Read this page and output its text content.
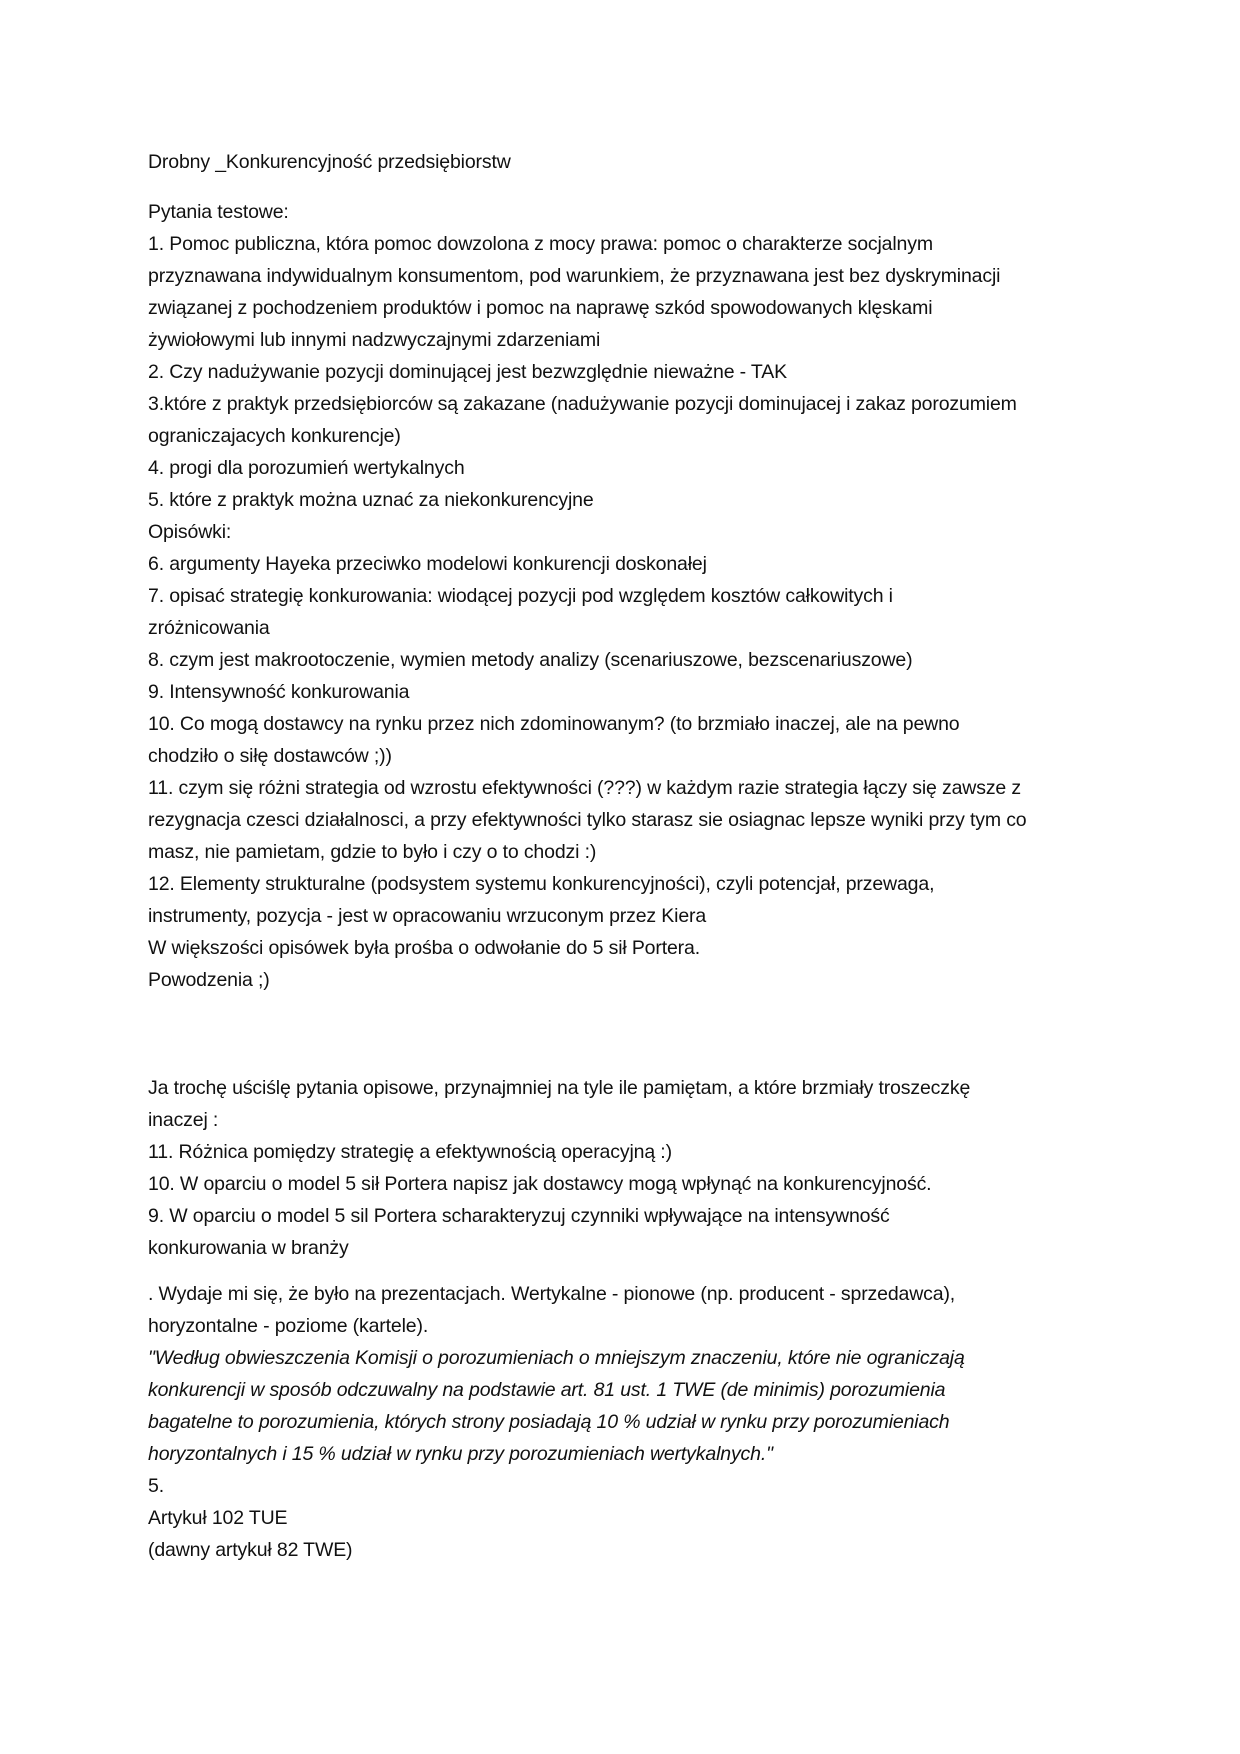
Drobny _Konkurencyjność przedsiębiorstw
Pytania testowe:
1. Pomoc publiczna, która pomoc dowzolona z mocy prawa: pomoc o charakterze socjalnym
przyznawana indywidualnym konsumentom, pod warunkiem, że przyznawana jest bez dyskryminacji
związanej z pochodzeniem produktów i pomoc na naprawę szkód spowodowanych klęskami
żywiołowymi lub innymi nadzwyczajnymi zdarzeniami
2. Czy nadużywanie pozycji dominującej jest bezwzględnie nieważne - TAK
3.które z praktyk przedsiębiorców są zakazane (nadużywanie pozycji dominujacej i zakaz porozumiem
ograniczajacych konkurencje)
4. progi dla porozumień wertykalnych
5. które z praktyk można uznać za niekonkurencyjne
Opisówki:
6. argumenty Hayeka przeciwko modelowi konkurencji doskonałej
7. opisać strategię konkurowania: wiodącej pozycji pod względem kosztów całkowitych i
zróżnicowania
8. czym jest makrootoczenie, wymien metody analizy (scenariuszowe, bezscenariuszowe)
9. Intensywność konkurowania
10. Co mogą dostawcy na rynku przez nich zdominowanym? (to brzmiało inaczej, ale na pewno
chodziło o siłę dostawców ;))
11. czym się różni strategia od wzrostu efektywności (???) w każdym razie strategia łączy się zawsze z
rezygnacja czesci działalnosci, a przy efektywności tylko starasz sie osiagnac lepsze wyniki przy tym co
masz, nie pamietam, gdzie to było i czy o to chodzi :)
12. Elementy strukturalne (podsystem systemu konkurencyjności), czyli potencjał, przewaga,
instrumenty, pozycja - jest w opracowaniu wrzuconym przez Kiera
W większości opisówek była prośba o odwołanie do 5 sił Portera.
Powodzenia ;)
Ja trochę uściślę pytania opisowe, przynajmniej na tyle ile pamiętam, a które brzmiały troszeczkę
inaczej :
11. Różnica pomiędzy strategię a efektywnością operacyjną :)
10. W oparciu o model 5 sił Portera napisz jak dostawcy mogą wpłynąć na konkurencyjność.
9. W oparciu o model 5 sil Portera scharakteryzuj czynniki wpływające na intensywność
konkurowania w branży
. Wydaje mi się, że było na prezentacjach. Wertykalne - pionowe (np. producent - sprzedawca),
horyzontalne - poziome (kartele).
"Według obwieszczenia Komisji o porozumieniach o mniejszym znaczeniu, które nie ograniczają
konkurencji w sposób odczuwalny na podstawie art. 81 ust. 1 TWE (de minimis) porozumienia
bagatelne to porozumienia, których strony posiadają 10 % udział w rynku przy porozumieniach
horyzontalnych i 15 % udział w rynku przy porozumieniach wertykalnych."
5.
Artykuł 102 TUE
(dawny artykuł 82 TWE)
